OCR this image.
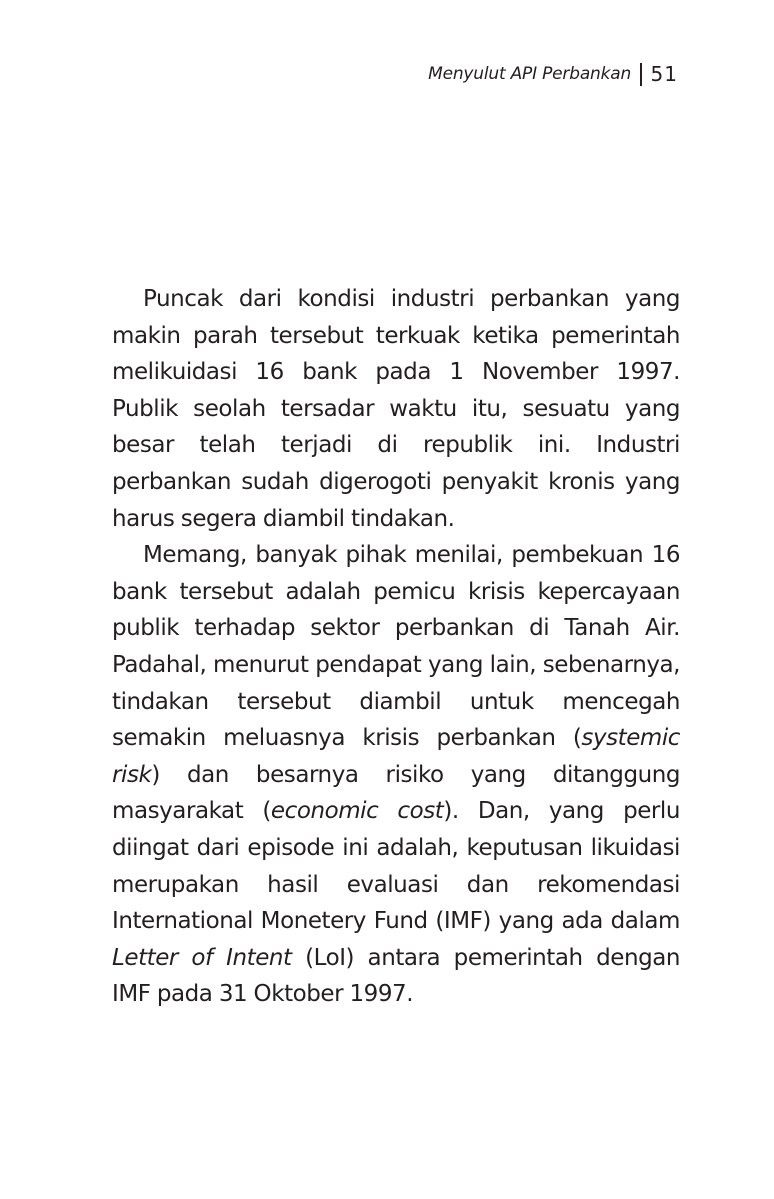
Menyulut API Perbankan 51

Puncak dari kondisi industri perbankan yang makin parah tersebut terkuak ketika pemerintah melikuidasi 16 bank pada 1 November 1997. Publik seolah tersadar waktu itu, sesuatu yang besar telah terjadi di republik ini. Industri perbankan sudah digerogoti penyakit kronis yang harus segera diambil tindakan.

Memang, banyak pihak menilai, pembekuan 16 bank tersebut adalah pemicu krisis kepercayaan publik terhadap sektor perbankan di Tanah Air. Padahal, menurut pendapat yang lain, sebenarnya, tindakan tersebut diambil untuk mencegah semakin meluasnya krisis perbankan (systemic risk) dan besarnya risiko yang ditanggung masyarakat (economic cost). Dan, yang perlu diingat dari episode ini adalah, keputusan likuidasi merupakan hasil evaluasi dan rekomendasi International Monetery Fund (IMF) yang ada dalam Letter of Intent (LoI) antara pemerintah dengan IMF pada 31 Oktober 1997.
